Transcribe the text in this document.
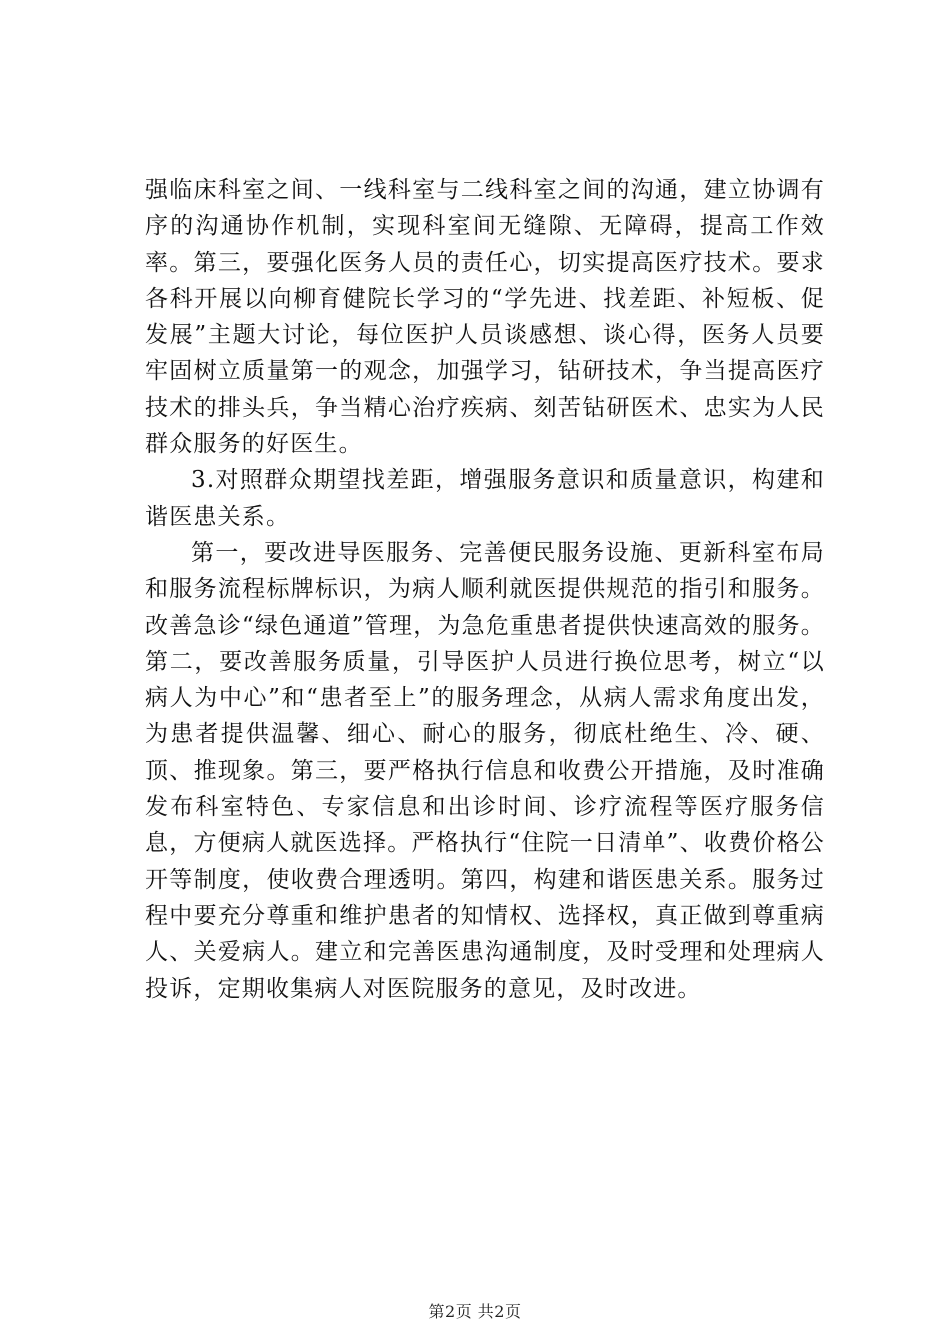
强临床科室之间、一线科室与二线科室之间的沟通，建立协调有序的沟通协作机制，实现科室间无缝隙、无障碍，提高工作效率。第三，要强化医务人员的责任心，切实提高医疗技术。要求各科开展以向柳育健院长学习的“学先进、找差距、补短板、促发展”主题大讨论，每位医护人员谈感想、谈心得，医务人员要牢固树立质量第一的观念，加强学习，钻研技术，争当提高医疗技术的排头兵，争当精心治疗疾病、刻苦钻研医术、忠实为人民群众服务的好医生。

3.对照群众期望找差距，增强服务意识和质量意识，构建和谐医患关系。

第一，要改进导医服务、完善便民服务设施、更新科室布局和服务流程标牌标识，为病人顺利就医提供规范的指引和服务。改善急诊“绿色通道”管理，为急危重患者提供快速高效的服务。第二，要改善服务质量，引导医护人员进行换位思考，树立“以病人为中心”和“患者至上”的服务理念，从病人需求角度出发，为患者提供温馨、细心、耐心的服务，彻底杜绝生、冷、硬、顶、推现象。第三，要严格执行信息和收费公开措施，及时准确发布科室特色、专家信息和出诊时间、诊疗流程等医疗服务信息，方便病人就医选择。严格执行“住院一日清单”、收费价格公开等制度，使收费合理透明。第四，构建和谐医患关系。服务过程中要充分尊重和维护患者的知情权、选择权，真正做到尊重病人、关爱病人。建立和完善医患沟通制度，及时受理和处理病人投诉，定期收集病人对医院服务的意见，及时改进。

第2页 共2页
